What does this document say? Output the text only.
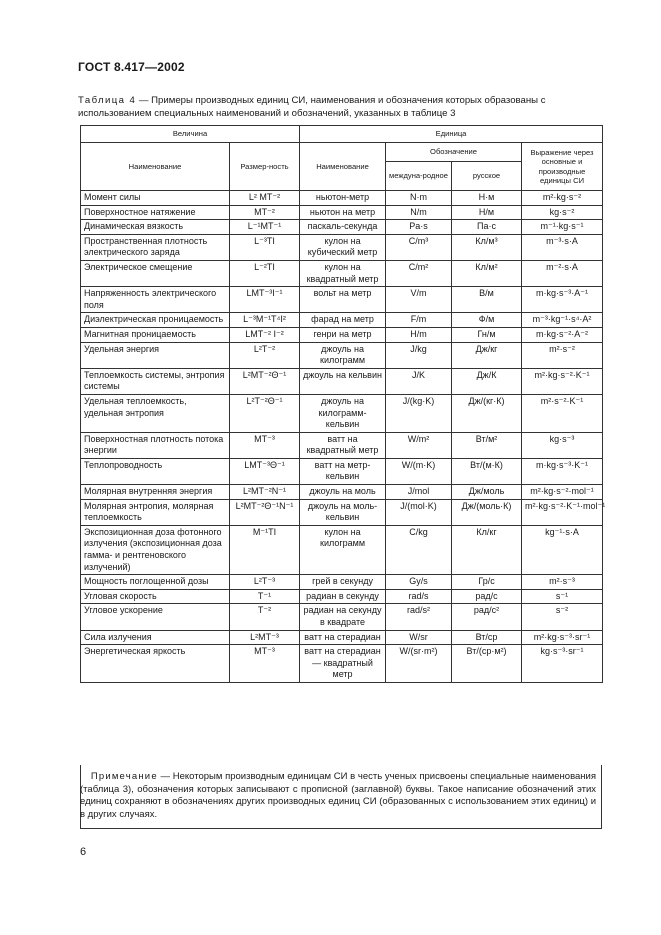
ГОСТ 8.417—2002
Таблица 4 — Примеры производных единиц СИ, наименования и обозначения которых образованы с использованием специальных наименований и обозначений, указанных в таблице 3
Величина		Единица			
Наименование	Размер-ность	Наименование	Обозначение		Выражение через основные и производные единицы СИ
			междуна-родное	русское	
Момент силы	L² MT⁻²	ньютон-метр	N·m	Н·м	m²·kg·s⁻²
Поверхностное натяжение	MT⁻²	ньютон на метр	N/m	Н/м	kg·s⁻²
Динамическая вязкость	L⁻¹MT⁻¹	паскаль-секунда	Pa·s	Па·с	m⁻¹·kg·s⁻¹
Пространственная плотность электрического заряда	L⁻³TI	кулон на кубический метр	C/m³	Кл/м³	m⁻³·s·A
Электрическое смещение	L⁻²TI	кулон на квадратный метр	C/m²	Кл/м²	m⁻²·s·A
Напряженность электрического поля	LMT⁻³I⁻¹	вольт на метр	V/m	В/м	m·kg·s⁻³·A⁻¹
Диэлектрическая проницаемость	L⁻³M⁻¹T⁴I²	фарад на метр	F/m	Ф/м	m⁻³·kg⁻¹·s⁴·A²
Магнитная проницаемость	LMT⁻² I⁻²	генри на метр	H/m	Гн/м	m·kg·s⁻²·A⁻²
Удельная энергия	L²T⁻²	джоуль на килограмм	J/kg	Дж/кг	m²·s⁻²
Теплоемкость системы, энтропия системы	L²MT⁻²Θ⁻¹	джоуль на кельвин	J/K	Дж/К	m²·kg·s⁻²·K⁻¹
Удельная теплоемкость, удельная энтропия	L²T⁻²Θ⁻¹	джоуль на килограмм-кельвин	J/(kg·K)	Дж/(кг·К)	m²·s⁻²·K⁻¹
Поверхностная плотность потока энергии	MT⁻³	ватт на квадратный метр	W/m²	Вт/м²	kg·s⁻³
Теплопроводность	LMT⁻³Θ⁻¹	ватт на метр-кельвин	W/(m·K)	Вт/(м·К)	m·kg·s⁻³·K⁻¹
Молярная внутренняя энергия	L²MT⁻²N⁻¹	джоуль на моль	J/mol	Дж/моль	m²·kg·s⁻²·mol⁻¹
Молярная энтропия, молярная теплоемкость	L²MT⁻²Θ⁻¹N⁻¹	джоуль на моль-кельвин	J/(mol·K)	Дж/(моль·К)	m²·kg·s⁻²·K⁻¹·mol⁻¹
Экспозиционная доза фотонного излучения (экспозиционная доза гамма- и рентгеновского излучений)	M⁻¹TI	кулон на килограмм	C/kg	Кл/кг	kg⁻¹·s·A
Мощность поглощенной дозы	L²T⁻³	грей в секунду	Gy/s	Гр/с	m²·s⁻³
Угловая скорость	T⁻¹	радиан в секунду	rad/s	рад/с	s⁻¹
Угловое ускорение	T⁻²	радиан на секунду в квадрате	rad/s²	рад/с²	s⁻²
Сила излучения	L²MT⁻³	ватт на стерадиан	W/sr	Вт/ср	m²·kg·s⁻³·sr⁻¹
Энергетическая яркость	MT⁻³	ватт на стерадиан — квадратный метр	W/(sr·m²)	Вт/(ср·м²)	kg·s⁻³·sr⁻¹
Примечание — Некоторым производным единицам СИ в честь ученых присвоены специальные наименования (таблица 3), обозначения которых записывают с прописной (заглавной) буквы. Такое написание обозначений этих единиц сохраняют в обозначениях других производных единиц СИ (образованных с использованием этих единиц) и в других случаях.
6
